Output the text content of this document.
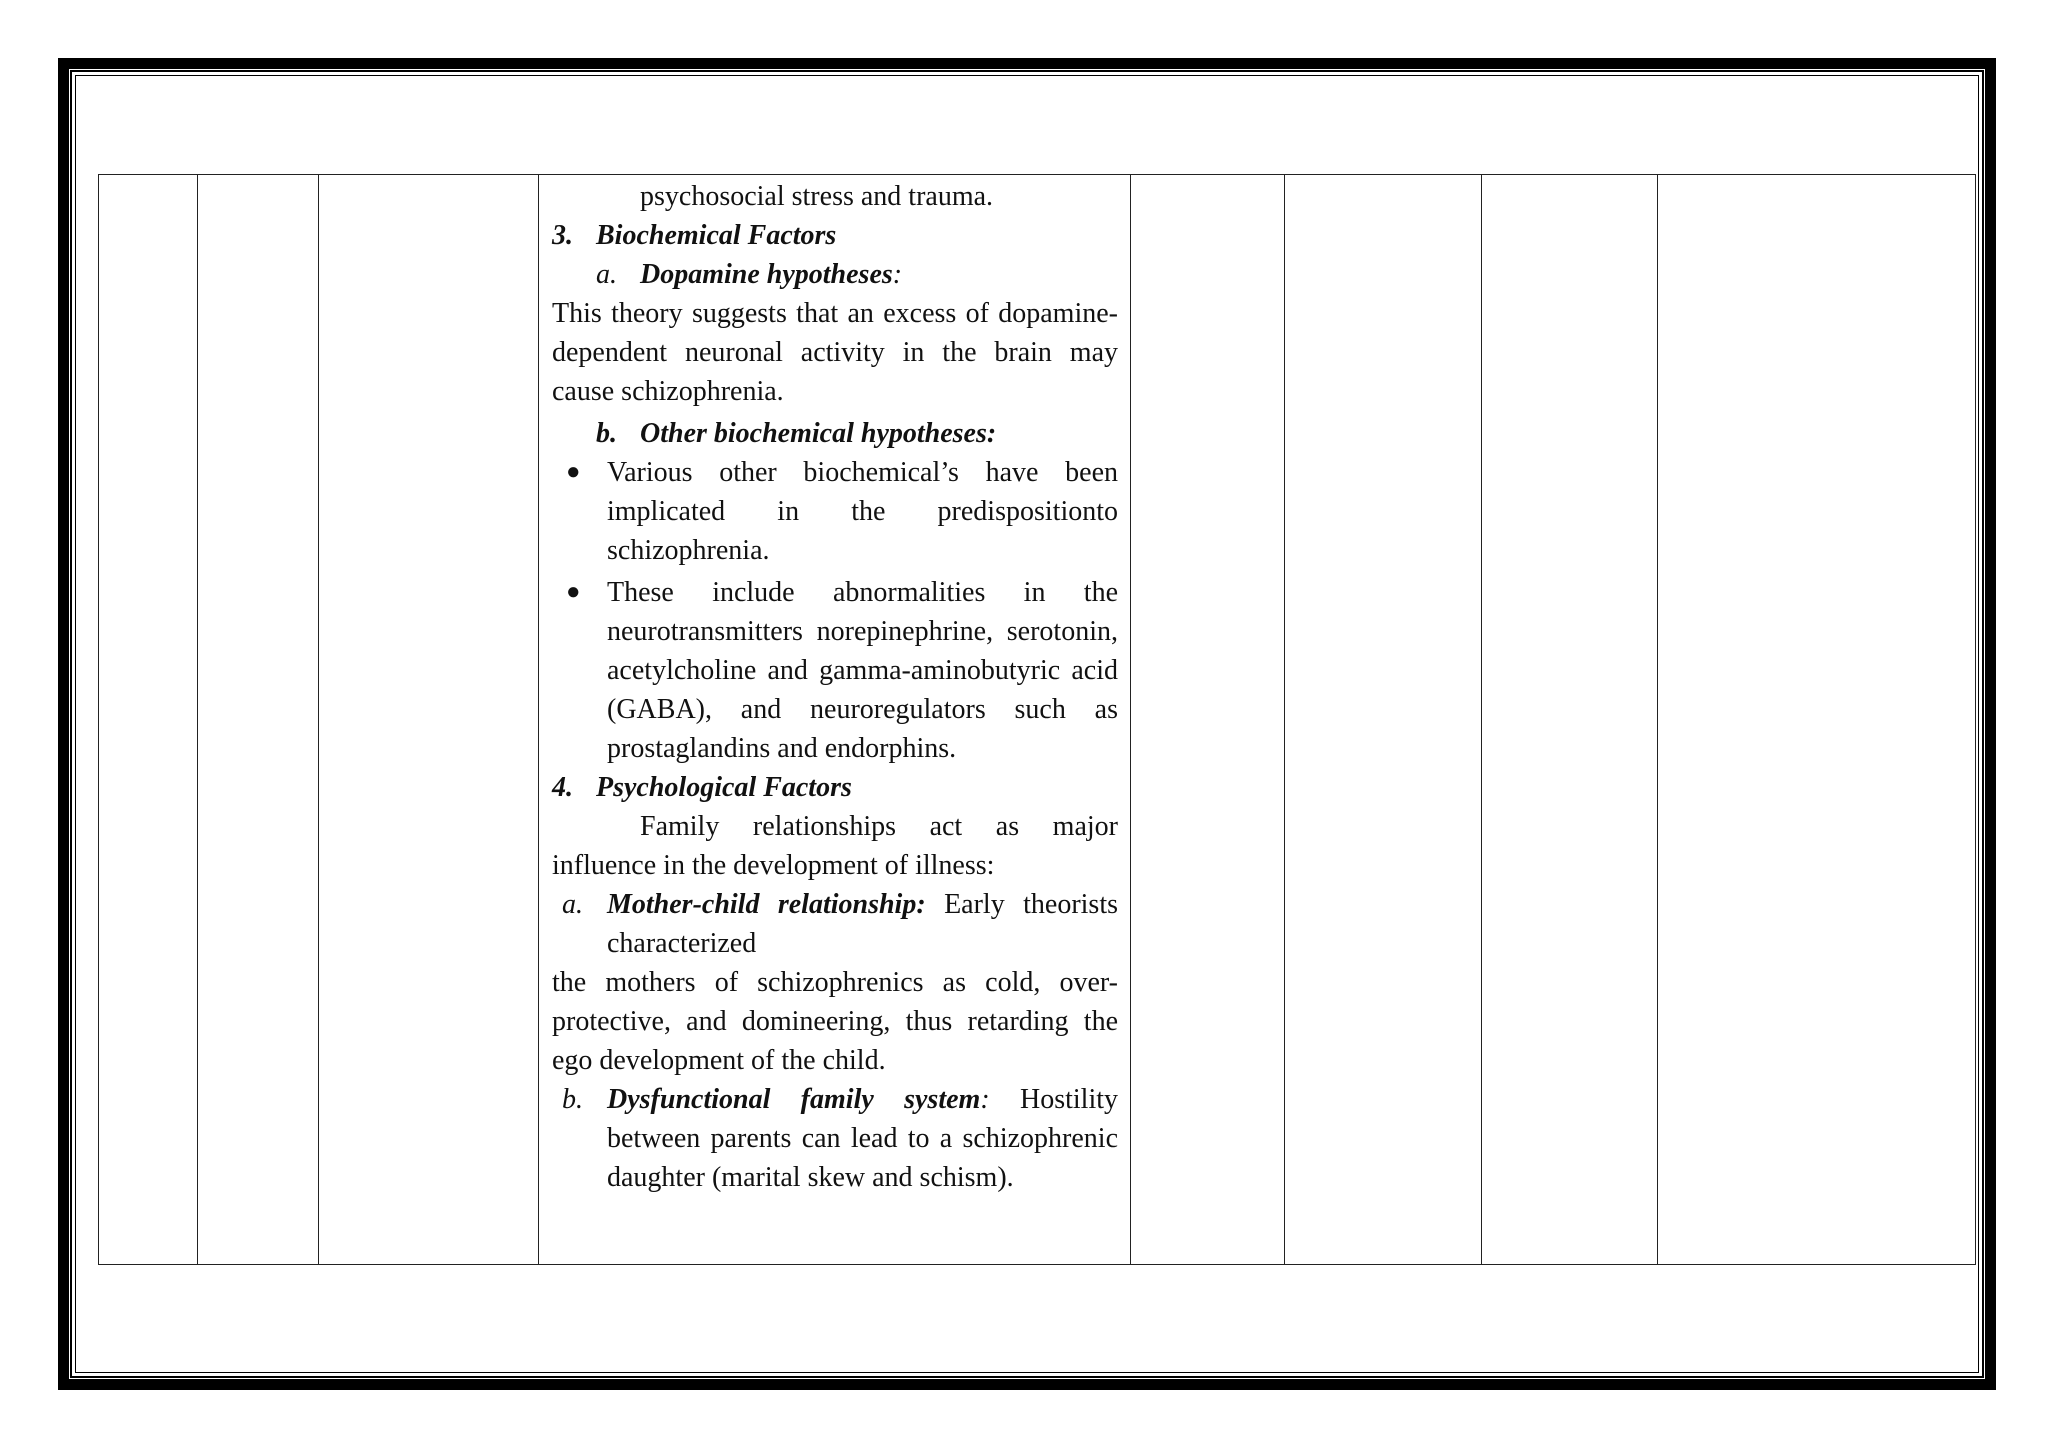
psychosocial stress and trauma.

3. Biochemical Factors

a. Dopamine hypotheses:

This theory suggests that an excess of dopamine-dependent neuronal activity in the brain may cause schizophrenia.

b. Other biochemical hypotheses:

● Various other biochemical’s have been implicated in the predispositionto schizophrenia.
● These include abnormalities in the neurotransmitters norepinephrine, serotonin, acetylcholine and gamma-aminobutyric acid (GABA), and neuroregulators such as prostaglandins and endorphins.

4. Psychological Factors

Family relationships act as major influence in the development of illness:

a. Mother-child relationship: Early theorists characterized

the mothers of schizophrenics as cold, over-protective, and domineering, thus retarding the ego development of the child.

b. Dysfunctional family system: Hostility between parents can lead to a schizophrenic daughter (marital skew and schism).
